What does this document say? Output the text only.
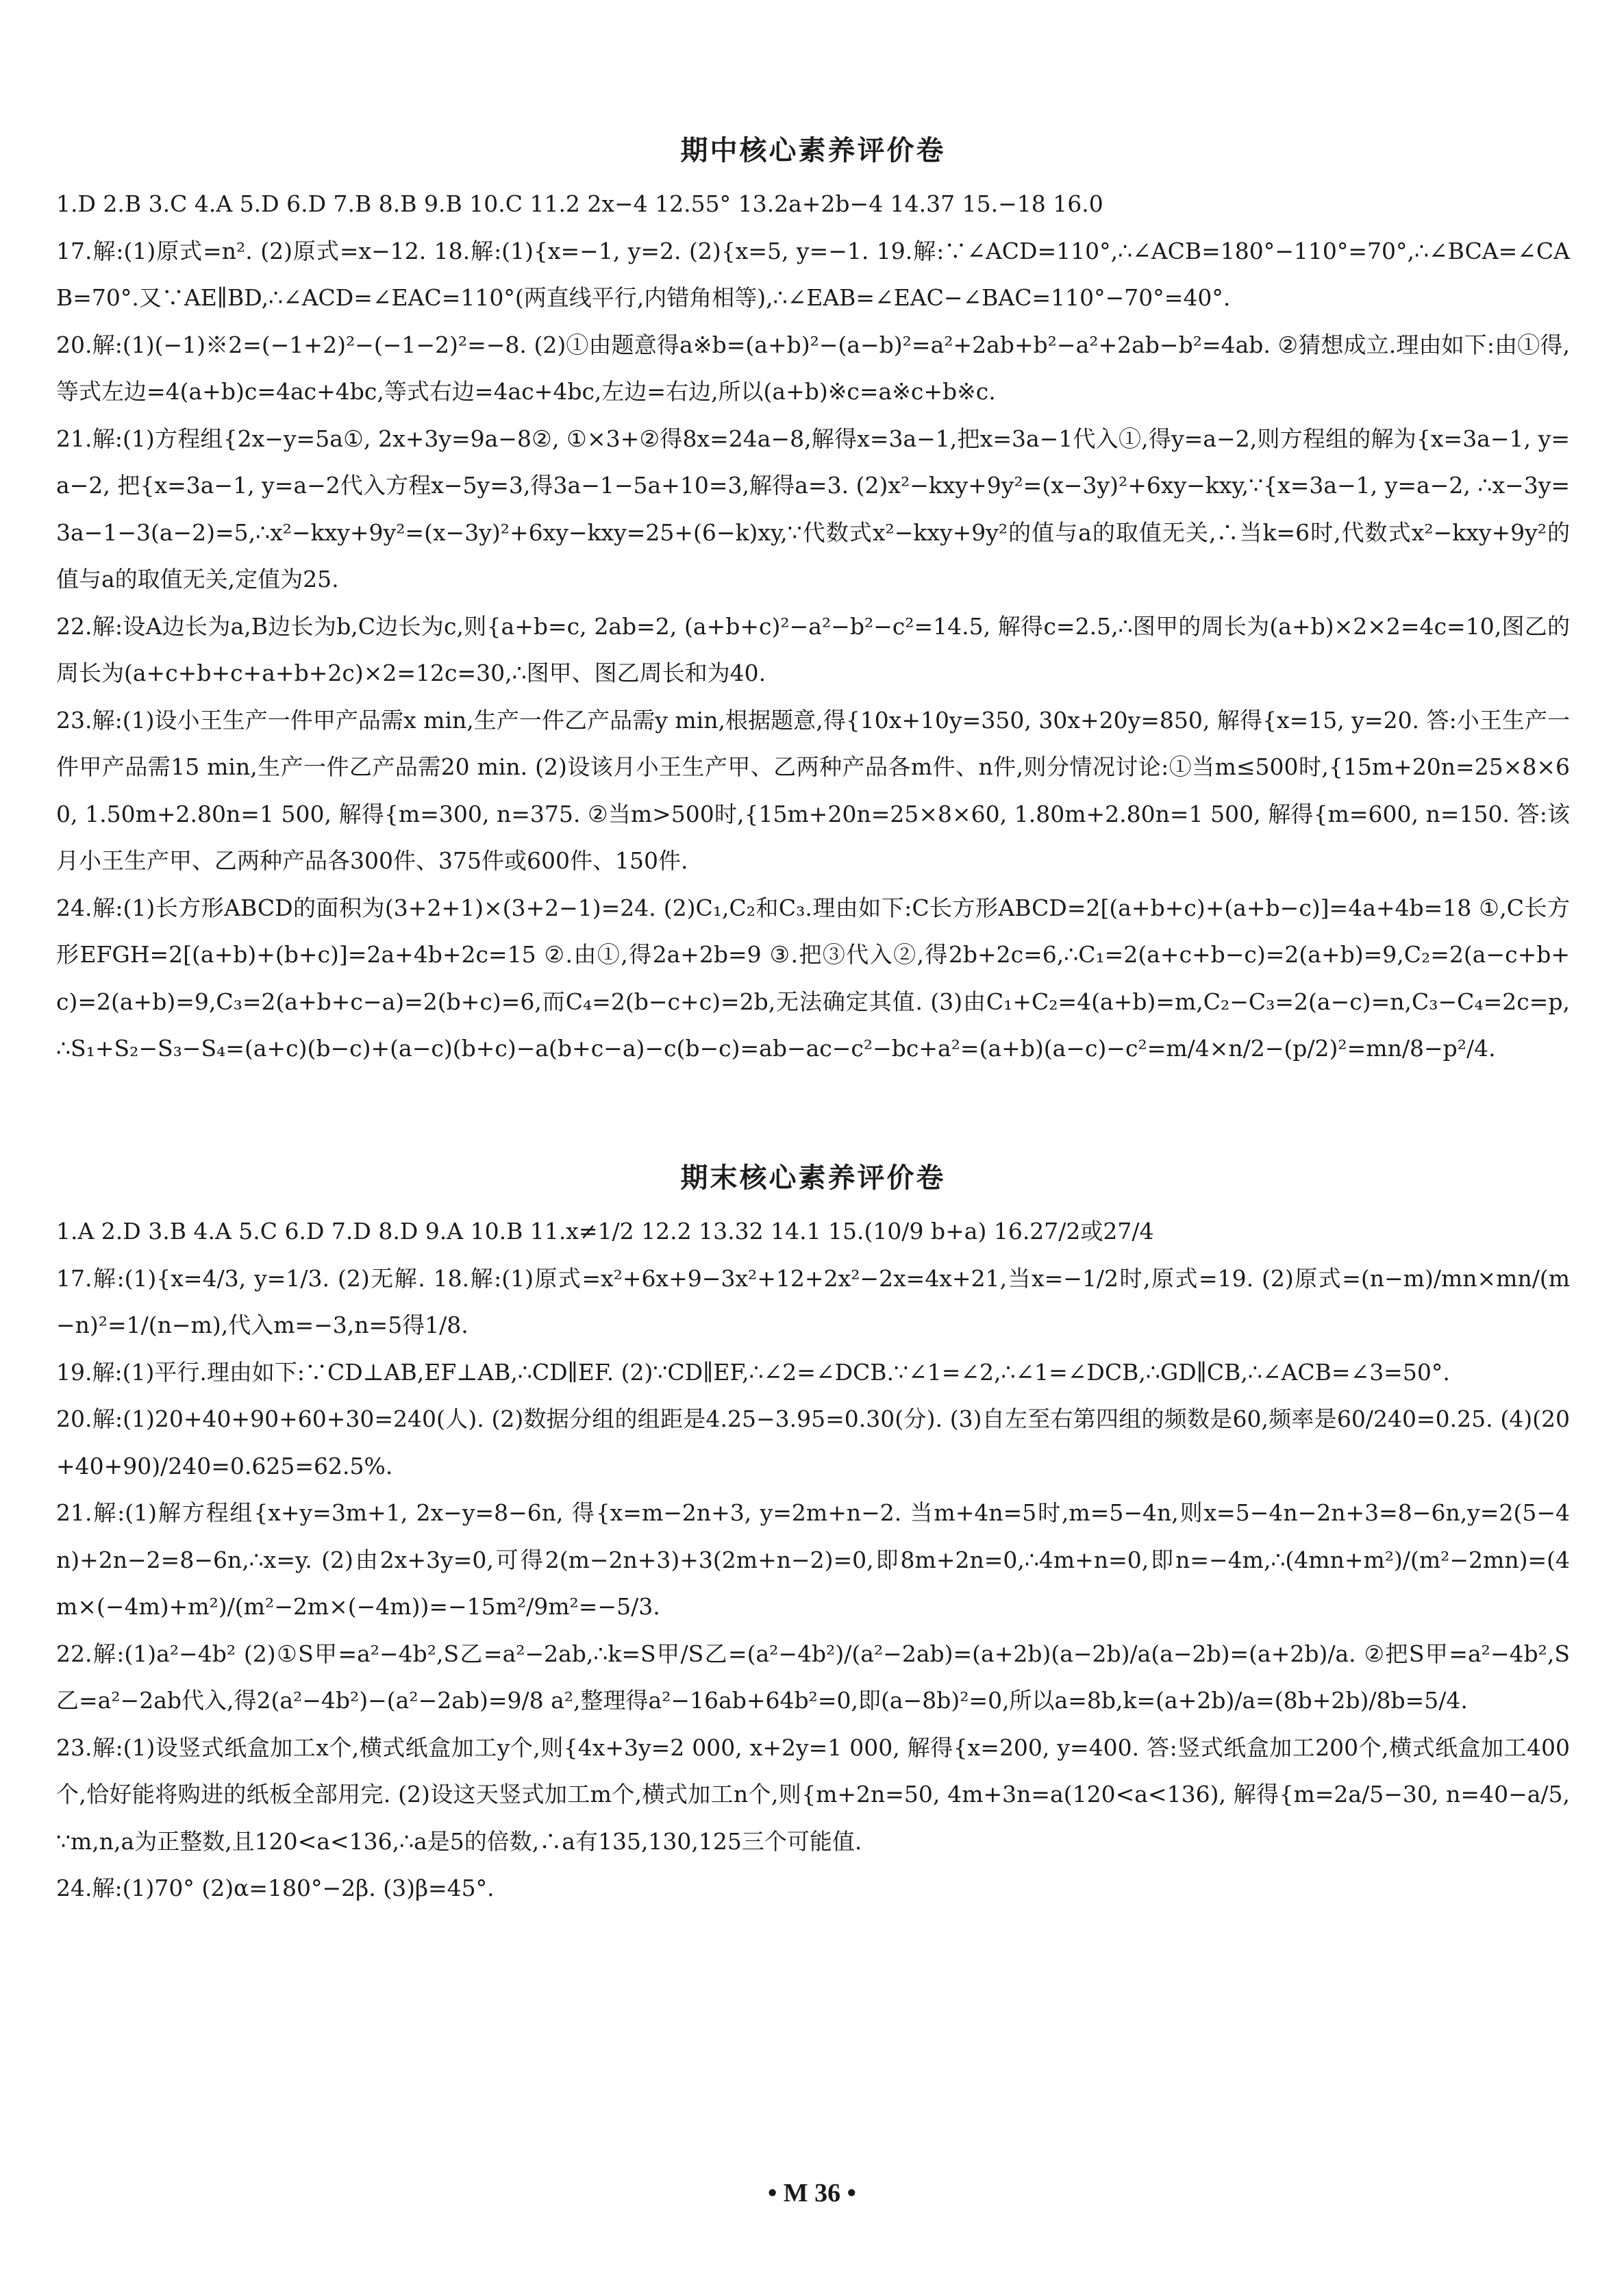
期中核心素养评价卷

1.D 2.B 3.C 4.A 5.D 6.D 7.B 8.B 9.B 10.C 11.2 2x−4 12.55° 13.2a+2b−4 14.37 15.−18 16.0

17.解:(1)原式=n². (2)原式=x−12. 18.解:(1){x=−1, y=2. (2){x=5, y=−1. 19.解:∵∠ACD=110°,∴∠ACB=180°−110°=70°,∴∠BCA=∠CAB=70°.又∵AE∥BD,∴∠ACD=∠EAC=110°(两直线平行,内错角相等),∴∠EAB=∠EAC−∠BAC=110°−70°=40°.

20.解:(1)(−1)※2=(−1+2)²−(−1−2)²=−8. (2)①由题意得a※b=(a+b)²−(a−b)²=a²+2ab+b²−a²+2ab−b²=4ab. ②猜想成立.理由如下:由①得,等式左边=4(a+b)c=4ac+4bc,等式右边=4ac+4bc,左边=右边,所以(a+b)※c=a※c+b※c.

21.解:(1)方程组{2x−y=5a①, 2x+3y=9a−8②, ①×3+②得8x=24a−8,解得x=3a−1,把x=3a−1代入①,得y=a−2,则方程组的解为{x=3a−1, y=a−2, 把{x=3a−1, y=a−2代入方程x−5y=3,得3a−1−5a+10=3,解得a=3. (2)x²−kxy+9y²=(x−3y)²+6xy−kxy,∵{x=3a−1, y=a−2, ∴x−3y=3a−1−3(a−2)=5,∴x²−kxy+9y²=(x−3y)²+6xy−kxy=25+(6−k)xy,∵代数式x²−kxy+9y²的值与a的取值无关,∴当k=6时,代数式x²−kxy+9y²的值与a的取值无关,定值为25.

22.解:设A边长为a,B边长为b,C边长为c,则{a+b=c, 2ab=2, (a+b+c)²−a²−b²−c²=14.5, 解得c=2.5,∴图甲的周长为(a+b)×2×2=4c=10,图乙的周长为(a+c+b+c+a+b+2c)×2=12c=30,∴图甲、图乙周长和为40.

23.解:(1)设小王生产一件甲产品需x min,生产一件乙产品需y min,根据题意,得{10x+10y=350, 30x+20y=850, 解得{x=15, y=20. 答:小王生产一件甲产品需15 min,生产一件乙产品需20 min. (2)设该月小王生产甲、乙两种产品各m件、n件,则分情况讨论:①当m≤500时,{15m+20n=25×8×60, 1.50m+2.80n=1 500, 解得{m=300, n=375. ②当m>500时,{15m+20n=25×8×60, 1.80m+2.80n=1 500, 解得{m=600, n=150. 答:该月小王生产甲、乙两种产品各300件、375件或600件、150件.

24.解:(1)长方形ABCD的面积为(3+2+1)×(3+2−1)=24. (2)C₁,C₂和C₃.理由如下:C长方形ABCD=2[(a+b+c)+(a+b−c)]=4a+4b=18 ①,C长方形EFGH=2[(a+b)+(b+c)]=2a+4b+2c=15 ②.由①,得2a+2b=9 ③.把③代入②,得2b+2c=6,∴C₁=2(a+c+b−c)=2(a+b)=9,C₂=2(a−c+b+c)=2(a+b)=9,C₃=2(a+b+c−a)=2(b+c)=6,而C₄=2(b−c+c)=2b,无法确定其值. (3)由C₁+C₂=4(a+b)=m,C₂−C₃=2(a−c)=n,C₃−C₄=2c=p,∴S₁+S₂−S₃−S₄=(a+c)(b−c)+(a−c)(b+c)−a(b+c−a)−c(b−c)=ab−ac−c²−bc+a²=(a+b)(a−c)−c²=m/4×n/2−(p/2)²=mn/8−p²/4.

期末核心素养评价卷

1.A 2.D 3.B 4.A 5.C 6.D 7.D 8.D 9.A 10.B 11.x≠1/2 12.2 13.32 14.1 15.(10/9 b+a) 16.27/2或27/4

17.解:(1){x=4/3, y=1/3. (2)无解. 18.解:(1)原式=x²+6x+9−3x²+12+2x²−2x=4x+21,当x=−1/2时,原式=19. (2)原式=(n−m)/mn×mn/(m−n)²=1/(n−m),代入m=−3,n=5得1/8.

19.解:(1)平行.理由如下:∵CD⊥AB,EF⊥AB,∴CD∥EF. (2)∵CD∥EF,∴∠2=∠DCB.∵∠1=∠2,∴∠1=∠DCB,∴GD∥CB,∴∠ACB=∠3=50°.

20.解:(1)20+40+90+60+30=240(人). (2)数据分组的组距是4.25−3.95=0.30(分). (3)自左至右第四组的频数是60,频率是60/240=0.25. (4)(20+40+90)/240=0.625=62.5%.

21.解:(1)解方程组{x+y=3m+1, 2x−y=8−6n, 得{x=m−2n+3, y=2m+n−2. 当m+4n=5时,m=5−4n,则x=5−4n−2n+3=8−6n,y=2(5−4n)+2n−2=8−6n,∴x=y. (2)由2x+3y=0,可得2(m−2n+3)+3(2m+n−2)=0,即8m+2n=0,∴4m+n=0,即n=−4m,∴(4mn+m²)/(m²−2mn)=(4m×(−4m)+m²)/(m²−2m×(−4m))=−15m²/9m²=−5/3.

22.解:(1)a²−4b² (2)①S甲=a²−4b²,S乙=a²−2ab,∴k=S甲/S乙=(a²−4b²)/(a²−2ab)=(a+2b)(a−2b)/a(a−2b)=(a+2b)/a. ②把S甲=a²−4b²,S乙=a²−2ab代入,得2(a²−4b²)−(a²−2ab)=9/8 a²,整理得a²−16ab+64b²=0,即(a−8b)²=0,所以a=8b,k=(a+2b)/a=(8b+2b)/8b=5/4.

23.解:(1)设竖式纸盒加工x个,横式纸盒加工y个,则{4x+3y=2 000, x+2y=1 000, 解得{x=200, y=400. 答:竖式纸盒加工200个,横式纸盒加工400个,恰好能将购进的纸板全部用完. (2)设这天竖式加工m个,横式加工n个,则{m+2n=50, 4m+3n=a(120<a<136), 解得{m=2a/5−30, n=40−a/5, ∵m,n,a为正整数,且120<a<136,∴a是5的倍数,∴a有135,130,125三个可能值.

24.解:(1)70° (2)α=180°−2β. (3)β=45°.

• M 36 •
